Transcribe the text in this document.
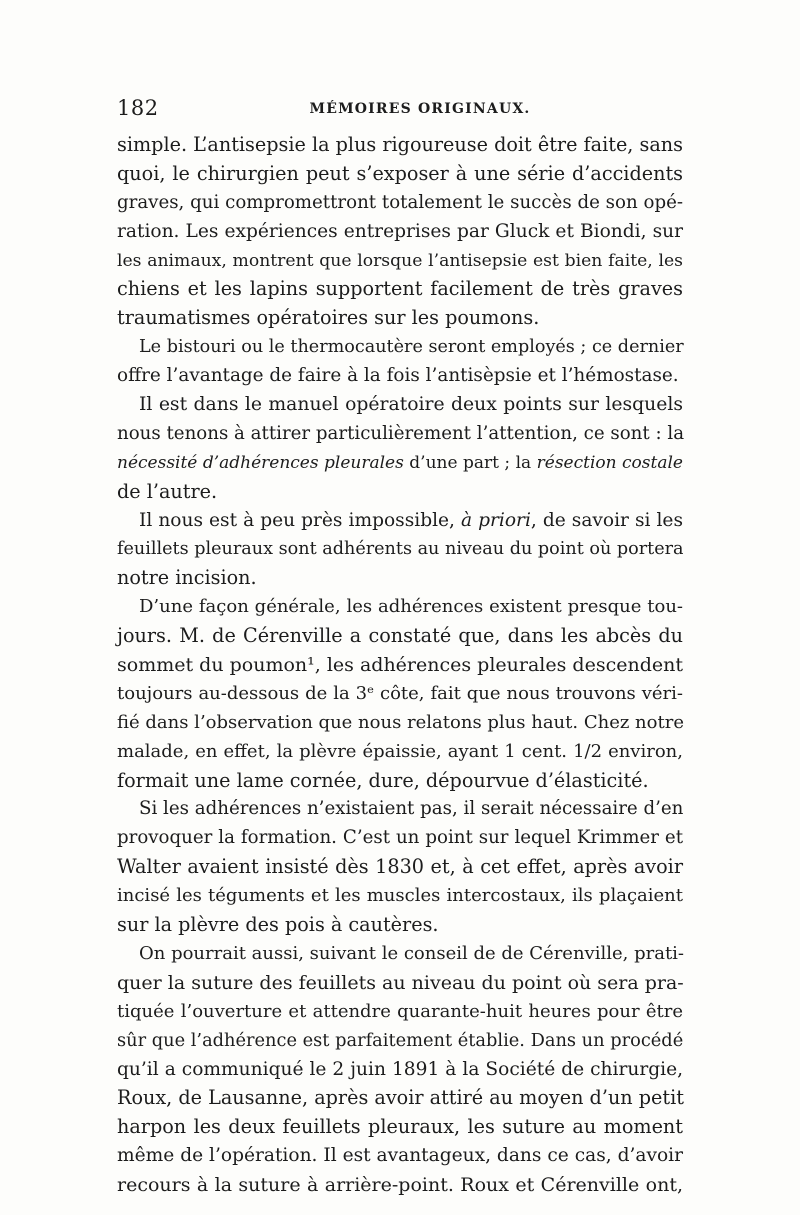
182	MÉMOIRES ORIGINAUX.
simple. L’antisepsie la plus rigoureuse doit être faite, sans
quoi, le chirurgien peut s’exposer à une série d’accidents
graves, qui compromettront totalement le succès de son opé-
ration. Les expériences entreprises par Gluck et Biondi, sur
les animaux, montrent que lorsque l’antisepsie est bien faite, les
chiens et les lapins supportent facilement de très graves
traumatismes opératoires sur les poumons.
Le bistouri ou le thermocautère seront employés ; ce dernier
offre l’avantage de faire à la fois l’antisèpsie et l’hémostase.
Il est dans le manuel opératoire deux points sur lesquels
nous tenons à attirer particulièrement l’attention, ce sont : la
nécessité d’adhérences pleurales d’une part ; la résection costale
de l’autre.
Il nous est à peu près impossible, à priori, de savoir si les
feuillets pleuraux sont adhérents au niveau du point où portera
notre incision.
D’une façon générale, les adhérences existent presque tou-
jours. M. de Cérenville a constaté que, dans les abcès du
sommet du poumon¹, les adhérences pleurales descendent
toujours au-dessous de la 3ᵉ côte, fait que nous trouvons véri-
fié dans l’observation que nous relatons plus haut. Chez notre
malade, en effet, la plèvre épaissie, ayant 1 cent. 1/2 environ,
formait une lame cornée, dure, dépourvue d’élasticité.
Si les adhérences n’existaient pas, il serait nécessaire d’en
provoquer la formation. C’est un point sur lequel Krimmer et
Walter avaient insisté dès 1830 et, à cet effet, après avoir
incisé les téguments et les muscles intercostaux, ils plaçaient
sur la plèvre des pois à cautères.
On pourrait aussi, suivant le conseil de de Cérenville, prati-
quer la suture des feuillets au niveau du point où sera pra-
tiquée l’ouverture et attendre quarante-huit heures pour être
sûr que l’adhérence est parfaitement établie. Dans un procédé
qu’il a communiqué le 2 juin 1891 à la Société de chirurgie,
Roux, de Lausanne, après avoir attiré au moyen d’un petit
harpon les deux feuillets pleuraux, les suture au moment
même de l’opération. Il est avantageux, dans ce cas, d’avoir
recours à la suture à arrière-point. Roux et Cérenville ont,
